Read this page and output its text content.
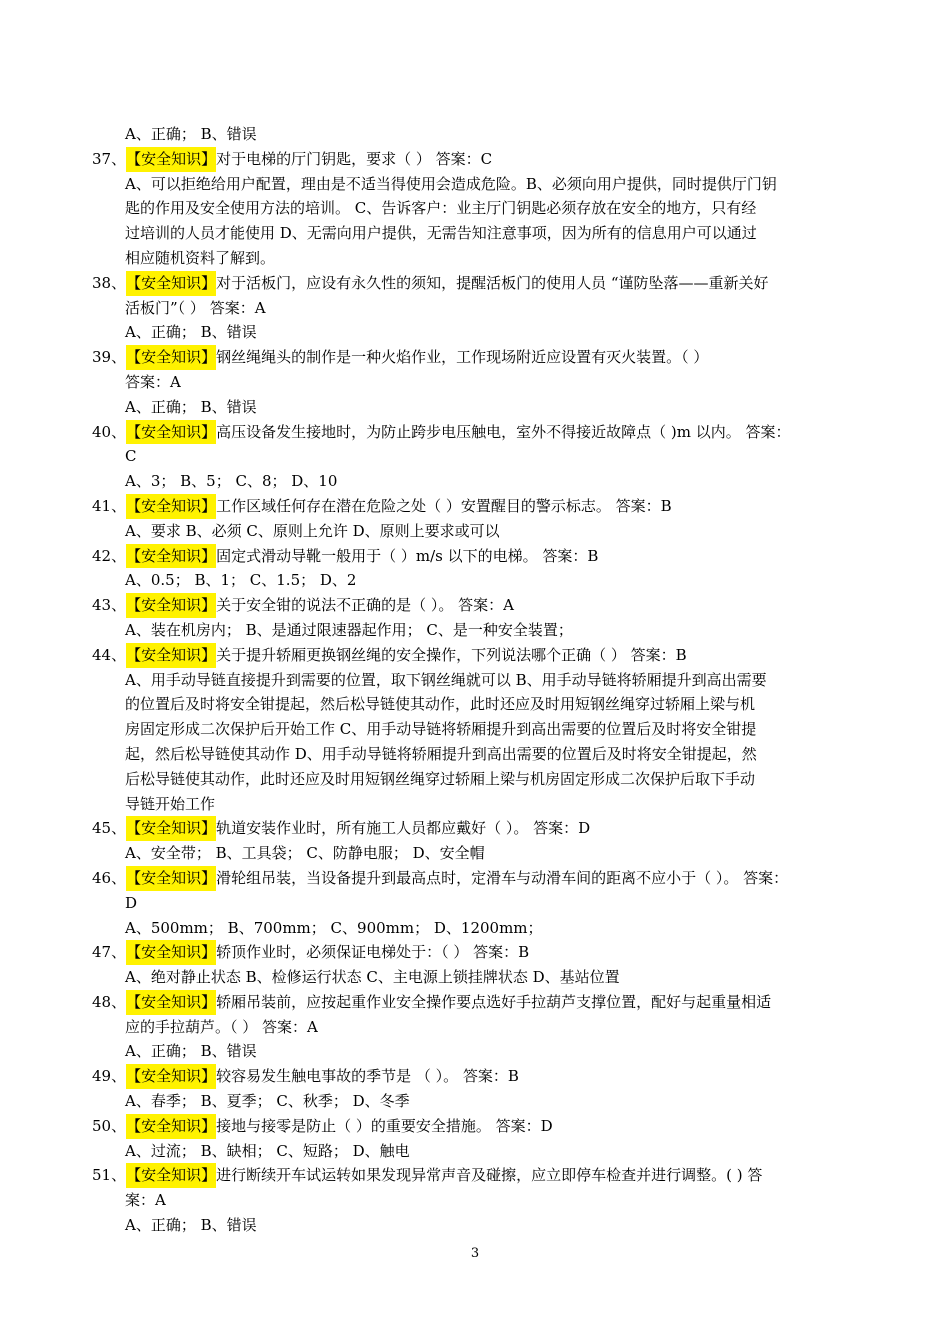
A、正确； B、错误
37、 【安全知识】 对于电梯的厅门钥匙，要求（ ） 答案：C
A、可以拒绝给用户配置，理由是不适当得使用会造成危险。B、必须向用户提供，同时提供厅门钥
匙的作用及安全使用方法的培训。 C、告诉客户：业主厅门钥匙必须存放在安全的地方，只有经
过培训的人员才能使用 D、无需向用户提供，无需告知注意事项，因为所有的信息用户可以通过
相应随机资料了解到。
38、 【安全知识】 对于活板门，应设有永久性的须知，提醒活板门的使用人员 “谨防坠落——重新关好
活板门”（ ） 答案：A
A、正确； B、错误
39、 【安全知识】 钢丝绳绳头的制作是一种火焰作业，工作现场附近应设置有灭火装置。（ ）
答案：A
A、正确； B、错误
40、 【安全知识】 高压设备发生接地时，为防止跨步电压触电，室外不得接近故障点（ )m 以内。 答案：
C
A、3； B、5； C、8； D、10
41、 【安全知识】 工作区域任何存在潜在危险之处（ ）安置醒目的警示标志。 答案：B
A、要求 B、必须 C、原则上允许 D、原则上要求或可以
42、 【安全知识】 固定式滑动导靴一般用于（ ）m/s 以下的电梯。 答案：B
A、0.5； B、1； C、1.5； D、2
43、 【安全知识】 关于安全钳的说法不正确的是（ ）。 答案：A
A、装在机房内； B、是通过限速器起作用； C、是一种安全装置；
44、 【安全知识】 关于提升轿厢更换钢丝绳的安全操作，下列说法哪个正确（ ） 答案：B
A、用手动导链直接提升到需要的位置，取下钢丝绳就可以 B、用手动导链将轿厢提升到高出需要
的位置后及时将安全钳提起，然后松导链使其动作，此时还应及时用短钢丝绳穿过轿厢上梁与机
房固定形成二次保护后开始工作 C、用手动导链将轿厢提升到高出需要的位置后及时将安全钳提
起，然后松导链使其动作 D、用手动导链将轿厢提升到高出需要的位置后及时将安全钳提起，然
后松导链使其动作，此时还应及时用短钢丝绳穿过轿厢上梁与机房固定形成二次保护后取下手动
导链开始工作
45、 【安全知识】 轨道安装作业时，所有施工人员都应戴好（ ）。 答案：D
A、安全带； B、工具袋； C、防静电服； D、安全帽
46、 【安全知识】 滑轮组吊装，当设备提升到最高点时，定滑车与动滑车间的距离不应小于（ ）。 答案：
D
A、500mm； B、700mm； C、900mm； D、1200mm；
47、 【安全知识】 轿顶作业时，必须保证电梯处于：（ ） 答案：B
A、绝对静止状态 B、检修运行状态 C、主电源上锁挂牌状态 D、基站位置
48、 【安全知识】 轿厢吊装前，应按起重作业安全操作要点选好手拉葫芦支撑位置，配好与起重量相适
应的手拉葫芦。（ ） 答案：A
A、正确； B、错误
49、 【安全知识】 较容易发生触电事故的季节是 （ ）。 答案：B
A、春季； B、夏季； C、秋季； D、冬季
50、 【安全知识】 接地与接零是防止（ ）的重要安全措施。 答案：D
A、过流； B、缺相； C、短路； D、触电
51、 【安全知识】 进行断续开车试运转如果发现异常声音及碰擦，应立即停车检查并进行调整。( ) 答
案：A
A、正确； B、错误
3
